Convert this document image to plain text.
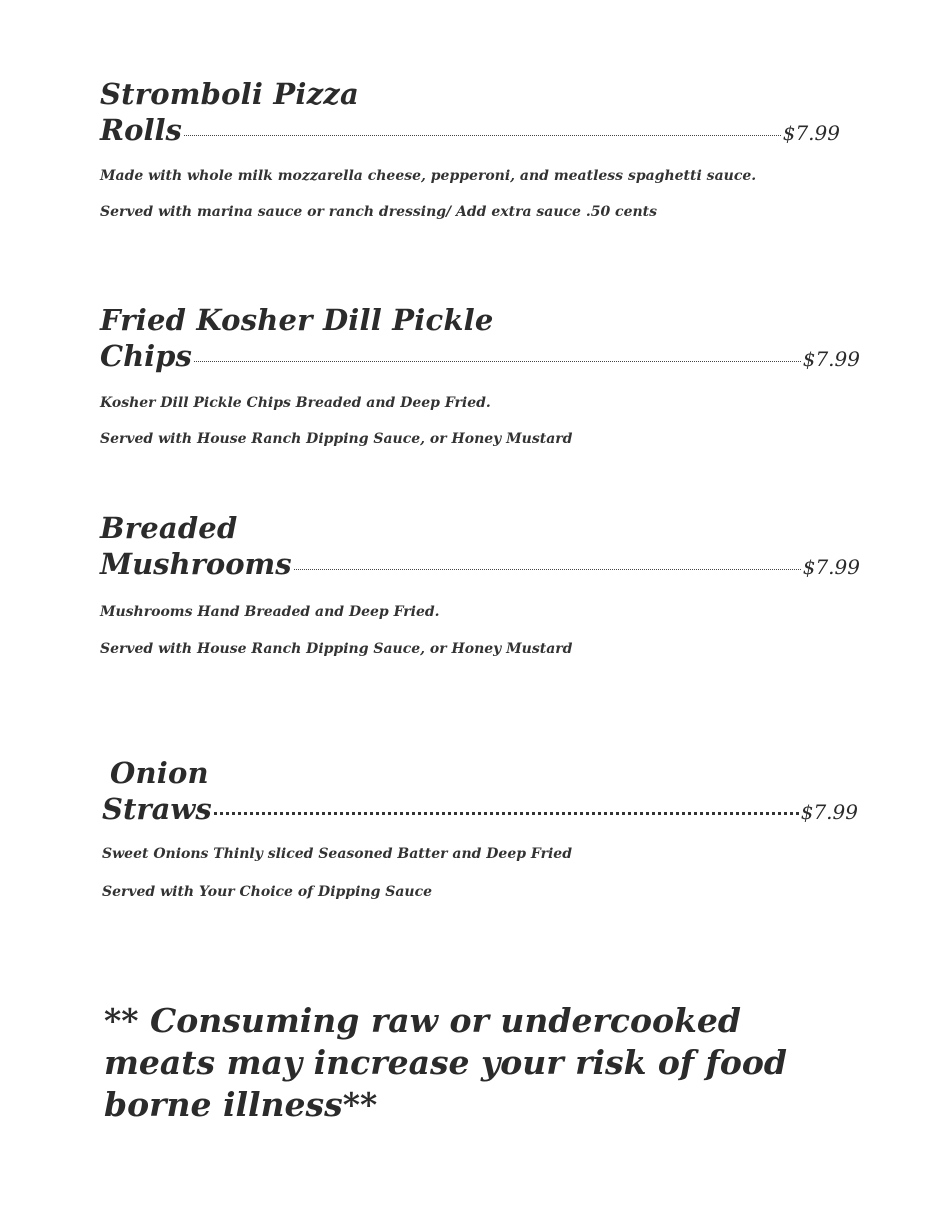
Stromboli Pizza
Rolls	$7.99
Made with whole milk mozzarella cheese, pepperoni, and meatless spaghetti sauce.
Served with marina sauce or ranch dressing/ Add extra sauce .50 cents
Fried Kosher Dill Pickle
Chips	$7.99
Kosher Dill Pickle Chips Breaded and Deep Fried.
Served with House Ranch Dipping Sauce, or Honey Mustard
Breaded
Mushrooms	$7.99
Mushrooms Hand Breaded and Deep Fried.
Served with House Ranch Dipping Sauce, or Honey Mustard
Onion
Straws	$7.99
Sweet Onions Thinly sliced Seasoned Batter and Deep Fried
Served with Your Choice of Dipping Sauce
** Consuming raw or undercooked meats may increase your risk of food borne illness**
